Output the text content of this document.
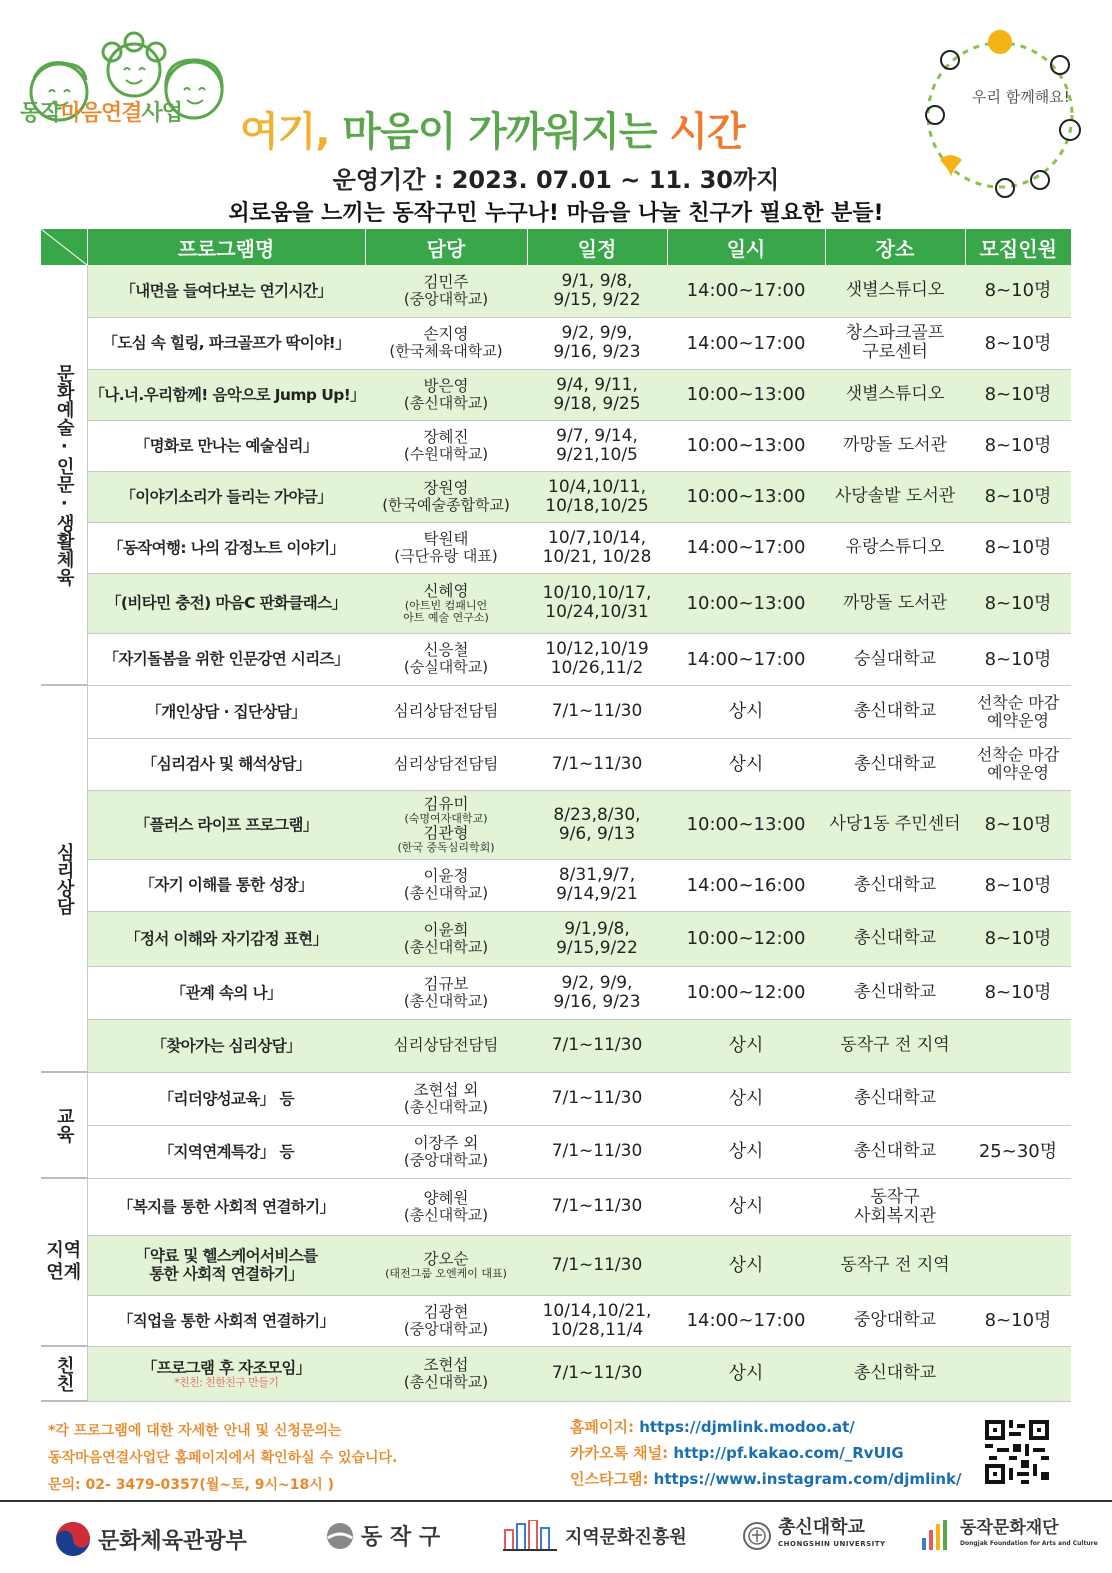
동작마음연결사업 여기, 마음이 가까워지는 시간
우리 함께해요!
운영기간 : 2023. 07.01 ~ 11. 30까지
외로움을 느끼는 동작구민 누구나! 마음을 나눌 친구가 필요한 분들!
	프로그램명	담당	일정	일시	장소	모집인원
문화예술·인문·생활체육	「내면을 들여다보는 연기시간」	김민주
(중앙대학교)	9/1, 9/8,
9/15, 9/22	14:00~17:00	샛별스튜디오	8~10명
	「도심 속 힐링, 파크골프가 딱이야!」	손지영
(한국체육대학교)	9/2, 9/9,
9/16, 9/23	14:00~17:00	창스파크골프
구로센터	8~10명
	「나.너.우리함께! 음악으로 Jump Up!」	방은영
(총신대학교)	9/4, 9/11,
9/18, 9/25	10:00~13:00	샛별스튜디오	8~10명
	「명화로 만나는 예술심리」	장혜진
(수원대학교)	9/7, 9/14,
9/21,10/5	10:00~13:00	까망돌 도서관	8~10명
	「이야기소리가 들리는 가야금」	장원영
(한국예술종합학교)	10/4,10/11,
10/18,10/25	10:00~13:00	사당솔밭 도서관	8~10명
	「동작여행: 나의 감정노트 이야기」	탁원태
(극단유랑 대표)	10/7,10/14,
10/21, 10/28	14:00~17:00	유랑스튜디오	8~10명
	「(비타민 충전) 마음C 판화클래스」	신혜영
(아트빈 컴패니언
아트 예술 연구소)	10/10,10/17,
10/24,10/31	10:00~13:00	까망돌 도서관	8~10명
	「자기돌봄을 위한 인문강연 시리즈」	신응철
(숭실대학교)	10/12,10/19
10/26,11/2	14:00~17:00	숭실대학교	8~10명
심리상담	「개인상담 · 집단상담」	심리상담전담팀	7/1~11/30	상시	총신대학교	선착순 마감
예약운영
	「심리검사 및 해석상담」	심리상담전담팀	7/1~11/30	상시	총신대학교	선착순 마감
예약운영
	「플러스 라이프 프로그램」	김유미
(숙명여자대학교)
김관형
(한국 중독심리학회)	8/23,8/30,
9/6, 9/13	10:00~13:00	사당1동 주민센터	8~10명
	「자기 이해를 통한 성장」	이윤정
(총신대학교)	8/31,9/7,
9/14,9/21	14:00~16:00	총신대학교	8~10명
	「정서 이해와 자기감정 표현」	이윤희
(총신대학교)	9/1,9/8,
9/15,9/22	10:00~12:00	총신대학교	8~10명
	「관계 속의 나」	김규보
(총신대학교)	9/2, 9/9,
9/16, 9/23	10:00~12:00	총신대학교	8~10명
	「찾아가는 심리상담」	심리상담전담팀	7/1~11/30	상시	동작구 전 지역	
교육	「리더양성교육」 등	조현섭 외
(총신대학교)	7/1~11/30	상시	총신대학교	
	「지역연계특강」 등	이장주 외
(중앙대학교)	7/1~11/30	상시	총신대학교	25~30명
지역
연계	「복지를 통한 사회적 연결하기」	양혜원
(총신대학교)	7/1~11/30	상시	동작구
사회복지관	
	「약료 및 헬스케어서비스를
통한 사회적 연결하기」	강오순
(태전그룹 오엔케이 대표)	7/1~11/30	상시	동작구 전 지역	
	「직업을 통한 사회적 연결하기」	김광현
(중앙대학교)	10/14,10/21,
10/28,11/4	14:00~17:00	중앙대학교	8~10명
친친	「프로그램 후 자조모임」
*친친: 친한친구 만들기	조현섭
(총신대학교)	7/1~11/30	상시	총신대학교	
*각 프로그램에 대한 자세한 안내 및 신청문의는
동작마음연결사업단 홈페이지에서 확인하실 수 있습니다.
문의: 02- 3479-0357(월~토, 9시~18시 )
홈페이지: https://djmlink.modoo.at/
카카오톡 채널: http://pf.kakao.com/_RvUIG
인스타그램: https://www.instagram.com/djmlink/
문화체육관광부	동 작 구	지역문화진흥원	총신대학교
CHONGSHIN UNIVERSITY
동작문화재단
Dongjak Foundation for Arts and Culture
